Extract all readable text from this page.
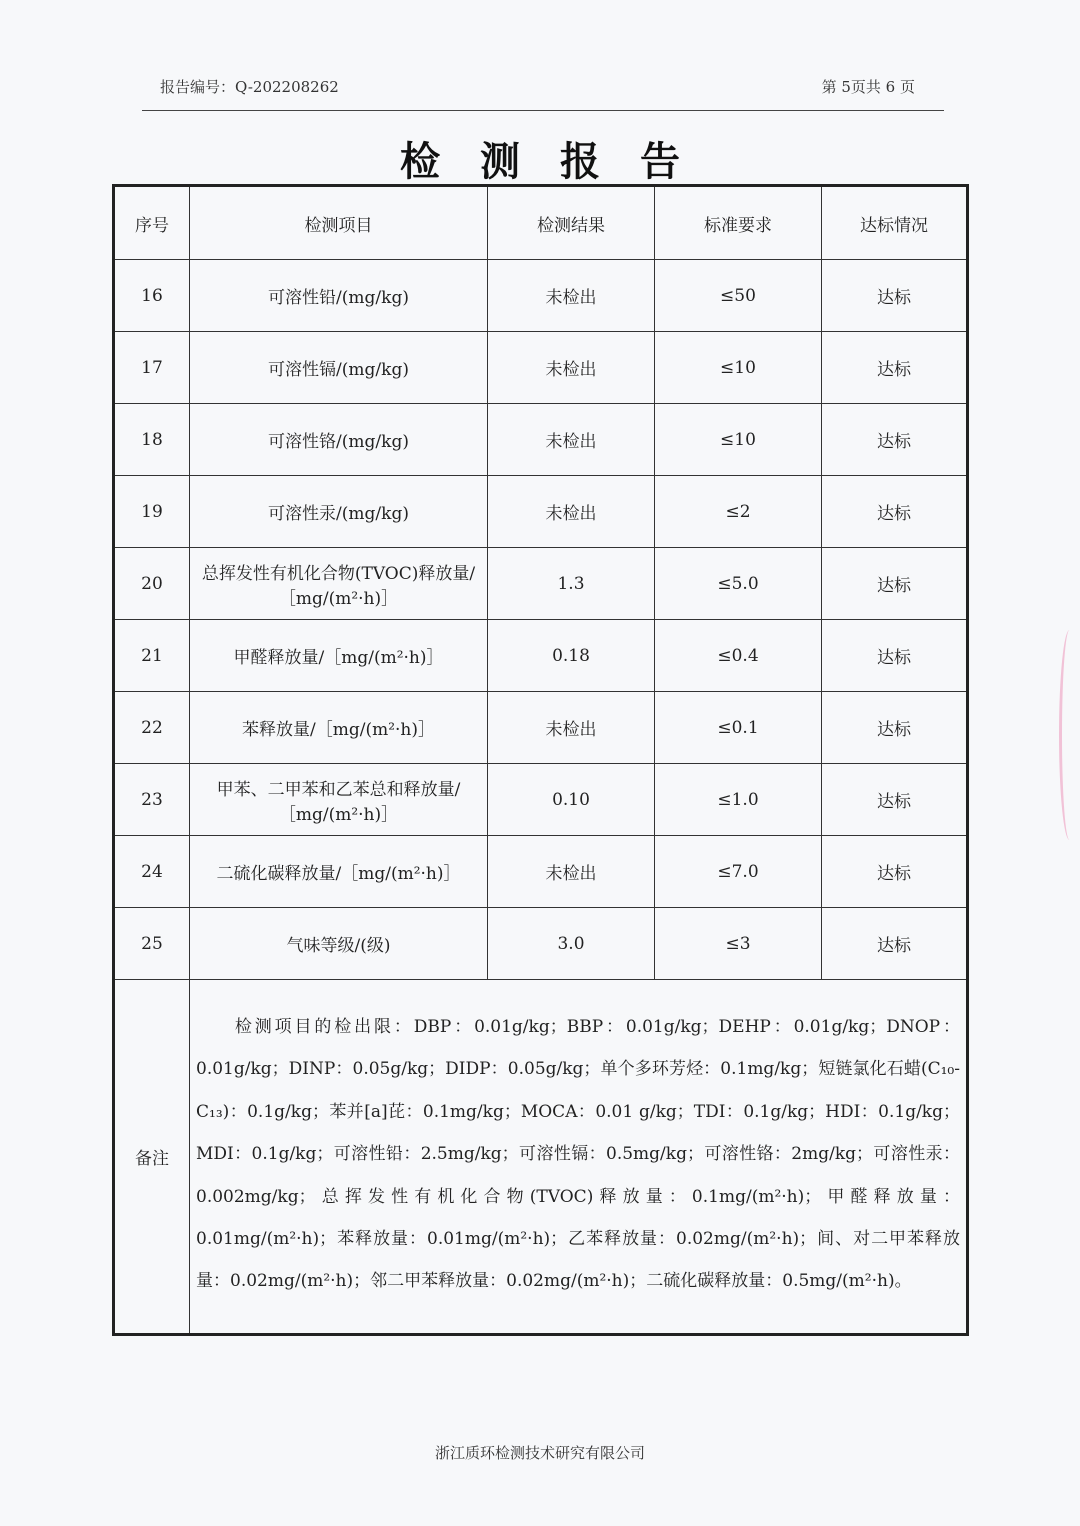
报告编号：Q-202208262	第 5页共 6 页
检测报告
序号	检测项目	检测结果	标准要求	达标情况
16	可溶性铅/(mg/kg)	未检出	≤50	达标
17	可溶性镉/(mg/kg)	未检出	≤10	达标
18	可溶性铬/(mg/kg)	未检出	≤10	达标
19	可溶性汞/(mg/kg)	未检出	≤2	达标
20	总挥发性有机化合物(TVOC)释放量/［mg/(m²·h)］	1.3	≤5.0	达标
21	甲醛释放量/［mg/(m²·h)］	0.18	≤0.4	达标
22	苯释放量/［mg/(m²·h)］	未检出	≤0.1	达标
23	甲苯、二甲苯和乙苯总和释放量/［mg/(m²·h)］	0.10	≤1.0	达标
24	二硫化碳释放量/［mg/(m²·h)］	未检出	≤7.0	达标
25	气味等级/(级)	3.0	≤3	达标
备注	检测项目的检出限：DBP：0.01g/kg；BBP：0.01g/kg；DEHP：0.01g/kg；DNOP：0.01g/kg；DINP：0.05g/kg；DIDP：0.05g/kg；单个多环芳烃：0.1mg/kg；短链氯化石蜡(C₁₀-C₁₃)：0.1g/kg；苯并[a]芘：0.1mg/kg；MOCA：0.01 g/kg；TDI：0.1g/kg；HDI：0.1g/kg；MDI：0.1g/kg；可溶性铅：2.5mg/kg；可溶性镉：0.5mg/kg；可溶性铬：2mg/kg；可溶性汞：0.002mg/kg；总挥发性有机化合物(TVOC)释放量：0.1mg/(m²·h)；甲醛释放量：0.01mg/(m²·h)；苯释放量：0.01mg/(m²·h)；乙苯释放量：0.02mg/(m²·h)；间、对二甲苯释放量：0.02mg/(m²·h)；邻二甲苯释放量：0.02mg/(m²·h)；二硫化碳释放量：0.5mg/(m²·h)。			
浙江质环检测技术研究有限公司
